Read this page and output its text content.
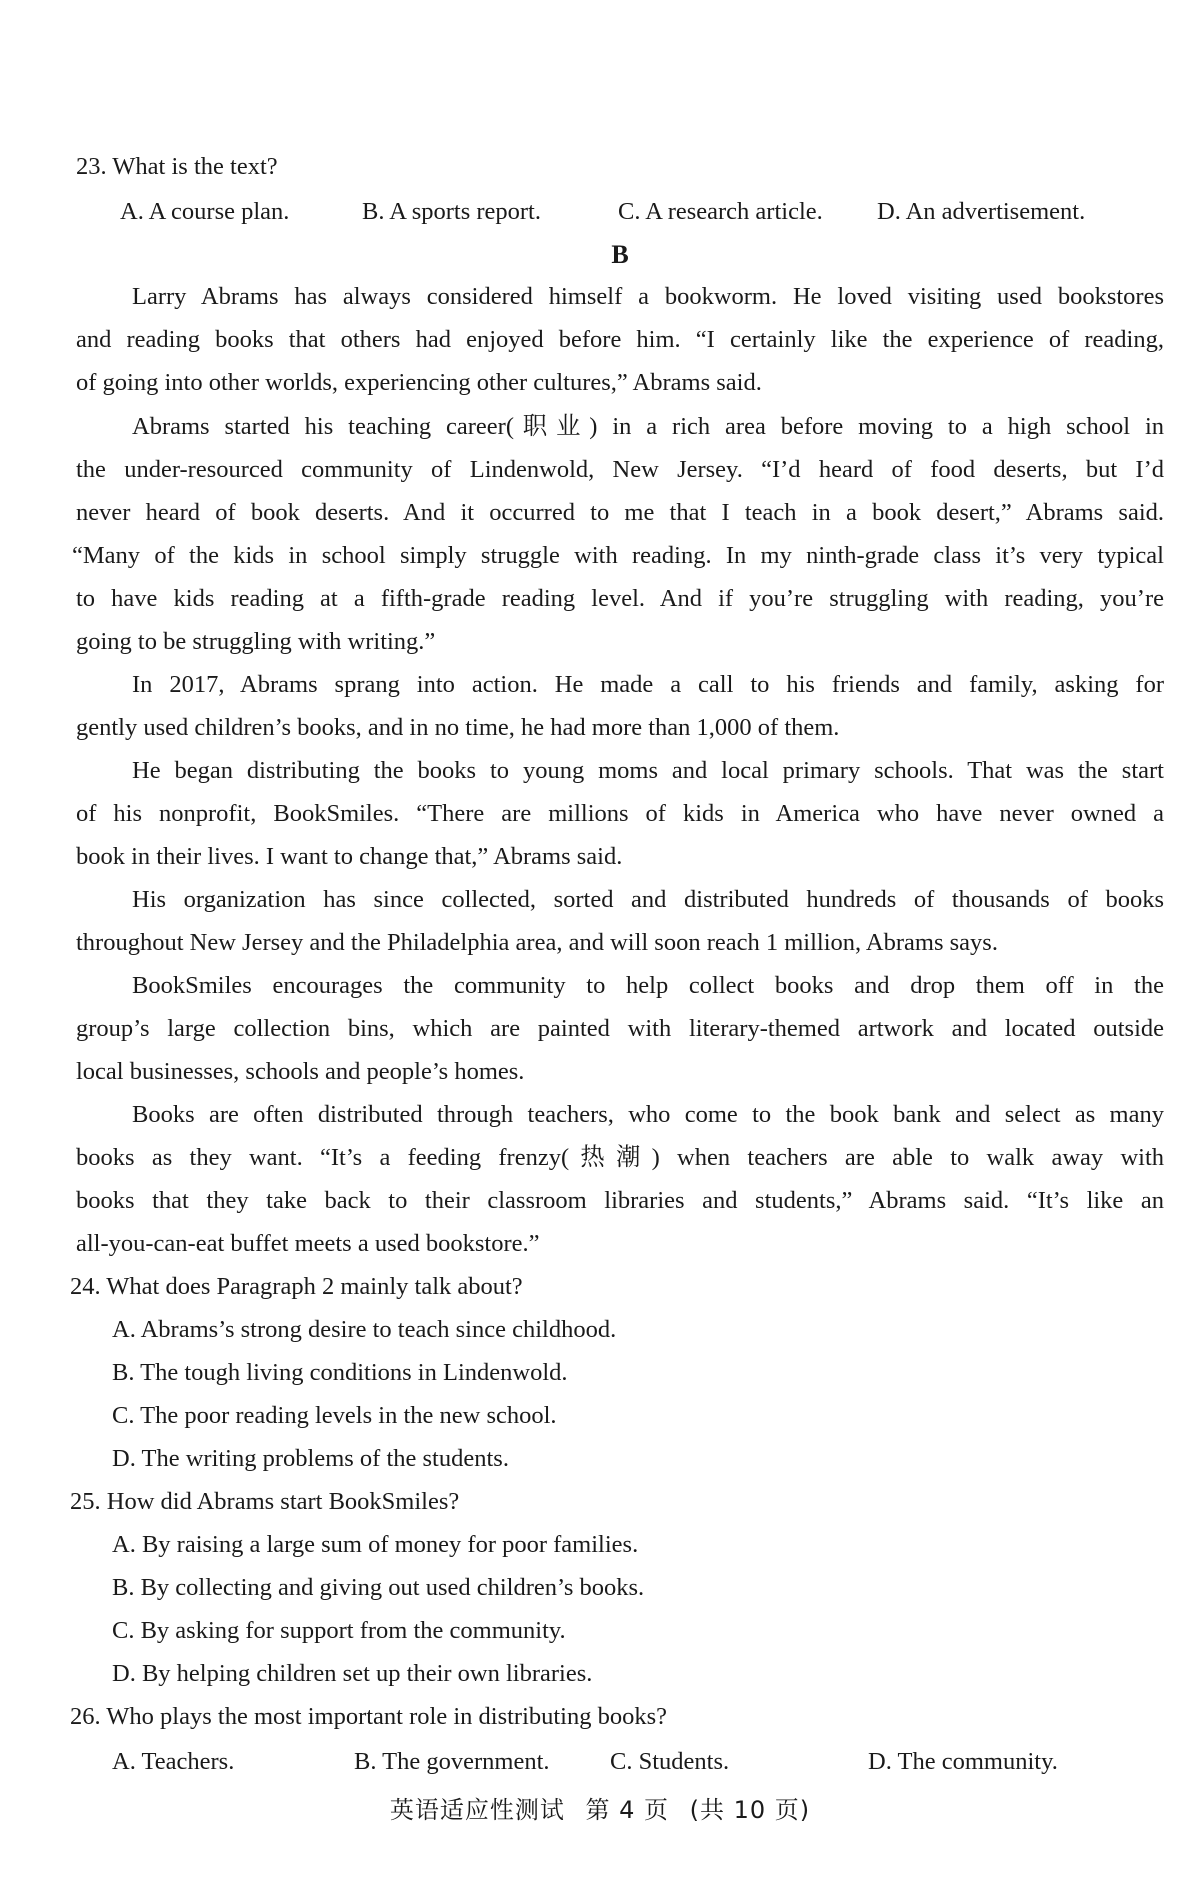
23. What is the text?
A. A course plan.	B. A sports report.	C. A research article. D. An advertisement.
B
Larry Abrams has always considered himself a bookworm. He loved visiting used bookstores
and reading books that others had enjoyed before him. “I certainly like the experience of reading,
of going into other worlds, experiencing other cultures,” Abrams said.
Abrams started his teaching career(职业) in a rich area before moving to a high school in
the under-resourced community of Lindenwold, New Jersey. “I’d heard of food deserts, but I’d
never heard of book deserts. And it occurred to me that I teach in a book desert,” Abrams said.
“Many of the kids in school simply struggle with reading. In my ninth-grade class it’s very typical
to have kids reading at a fifth-grade reading level. And if you’re struggling with reading, you’re
going to be struggling with writing.”
In 2017, Abrams sprang into action. He made a call to his friends and family, asking for
gently used children’s books, and in no time, he had more than 1,000 of them.
He began distributing the books to young moms and local primary schools. That was the start
of his nonprofit, BookSmiles. “There are millions of kids in America who have never owned a
book in their lives. I want to change that,” Abrams said.
His organization has since collected, sorted and distributed hundreds of thousands of books
throughout New Jersey and the Philadelphia area, and will soon reach 1 million, Abrams says.
BookSmiles encourages the community to help collect books and drop them off in the
group’s large collection bins, which are painted with literary-themed artwork and located outside
local businesses, schools and people’s homes.
Books are often distributed through teachers, who come to the book bank and select as many
books as they want. “It’s a feeding frenzy(热潮) when teachers are able to walk away with
books that they take back to their classroom libraries and students,” Abrams said. “It’s like an
all-you-can-eat buffet meets a used bookstore.”
24. What does Paragraph 2 mainly talk about?
A. Abrams’s strong desire to teach since childhood.
B. The tough living conditions in Lindenwold.
C. The poor reading levels in the new school.
D. The writing problems of the students.
25. How did Abrams start BookSmiles?
A. By raising a large sum of money for poor families.
B. By collecting and giving out used children’s books.
C. By asking for support from the community.
D. By helping children set up their own libraries.
26. Who plays the most important role in distributing books?
A. Teachers.	B. The government. C. Students.	D. The community.
英语适应性测试 第 4 页 (共 10 页)
